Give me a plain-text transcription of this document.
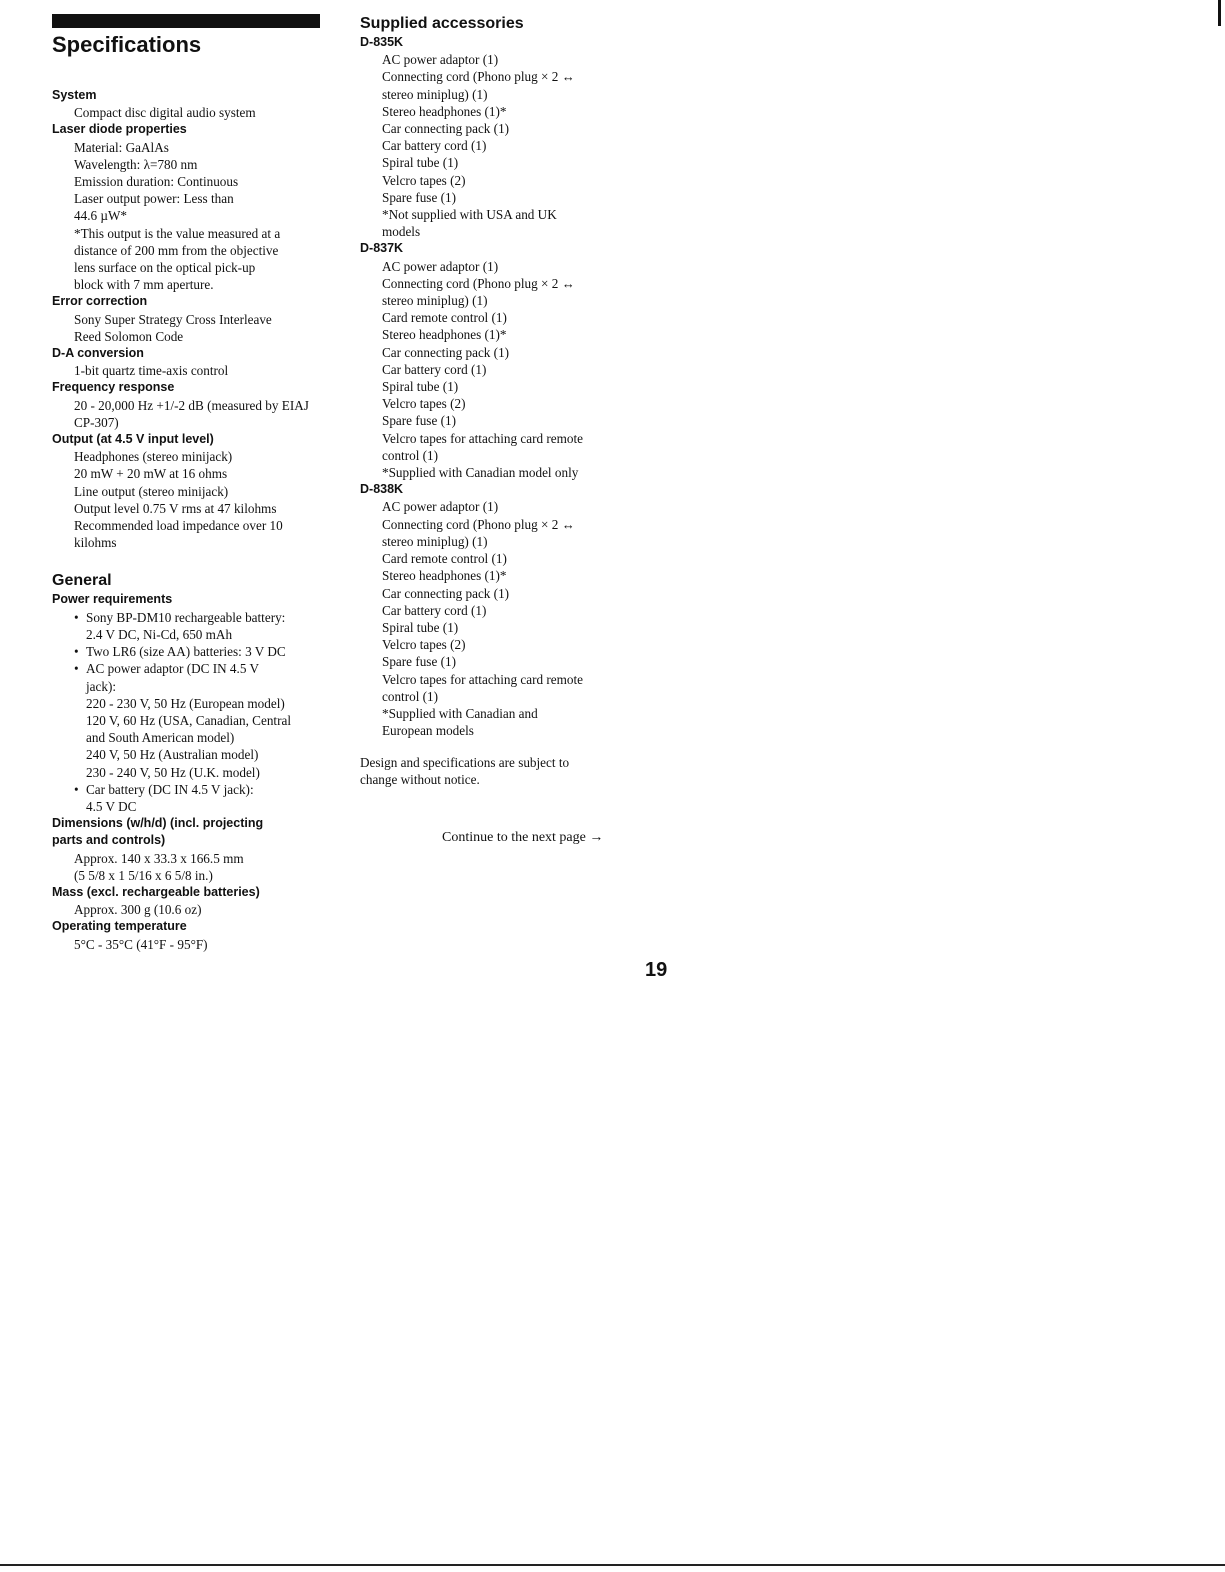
Specifications
System
Compact disc digital audio system
Laser diode properties
Material: GaAlAs
Wavelength: λ=780 nm
Emission duration: Continuous
Laser output power: Less than
44.6 µW*
*This output is the value measured at a
distance of 200 mm from the objective
lens surface on the optical pick-up
block with 7 mm aperture.
Error correction
Sony Super Strategy Cross Interleave
Reed Solomon Code
D-A conversion
1-bit quartz time-axis control
Frequency response
20 - 20,000 Hz +1/-2 dB (measured by EIAJ
CP-307)
Output (at 4.5 V input level)
Headphones (stereo minijack)
20 mW + 20 mW at 16 ohms
Line output (stereo minijack)
Output level 0.75 V rms at 47 kilohms
Recommended load impedance over 10
kilohms
General
Power requirements
• Sony BP-DM10 rechargeable battery:
2.4 V DC, Ni-Cd, 650 mAh
• Two LR6 (size AA) batteries: 3 V DC
• AC power adaptor (DC IN 4.5 V
jack):
220 - 230 V, 50 Hz (European model)
120 V, 60 Hz (USA, Canadian, Central
and South American model)
240 V, 50 Hz (Australian model)
230 - 240 V, 50 Hz (U.K. model)
• Car battery (DC IN 4.5 V jack):
4.5 V DC
Dimensions (w/h/d) (incl. projecting
parts and controls)
Approx. 140 x 33.3 x 166.5 mm
(5 5/8 x 1 5/16 x 6 5/8 in.)
Mass (excl. rechargeable batteries)
Approx. 300 g (10.6 oz)
Operating temperature
5°C - 35°C (41°F - 95°F)
Supplied accessories
D-835K
AC power adaptor (1)
Connecting cord (Phono plug × 2 ↔
stereo miniplug) (1)
Stereo headphones (1)*
Car connecting pack (1)
Car battery cord (1)
Spiral tube (1)
Velcro tapes (2)
Spare fuse (1)
*Not supplied with USA and UK
models
D-837K
AC power adaptor (1)
Connecting cord (Phono plug × 2 ↔
stereo miniplug) (1)
Card remote control (1)
Stereo headphones (1)*
Car connecting pack (1)
Car battery cord (1)
Spiral tube (1)
Velcro tapes (2)
Spare fuse (1)
Velcro tapes for attaching card remote
control (1)
*Supplied with Canadian model only
D-838K
AC power adaptor (1)
Connecting cord (Phono plug × 2 ↔
stereo miniplug) (1)
Card remote control (1)
Stereo headphones (1)*
Car connecting pack (1)
Car battery cord (1)
Spiral tube (1)
Velcro tapes (2)
Spare fuse (1)
Velcro tapes for attaching card remote
control (1)
*Supplied with Canadian and
European models
Design and specifications are subject to
change without notice.
Continue to the next page →
19
